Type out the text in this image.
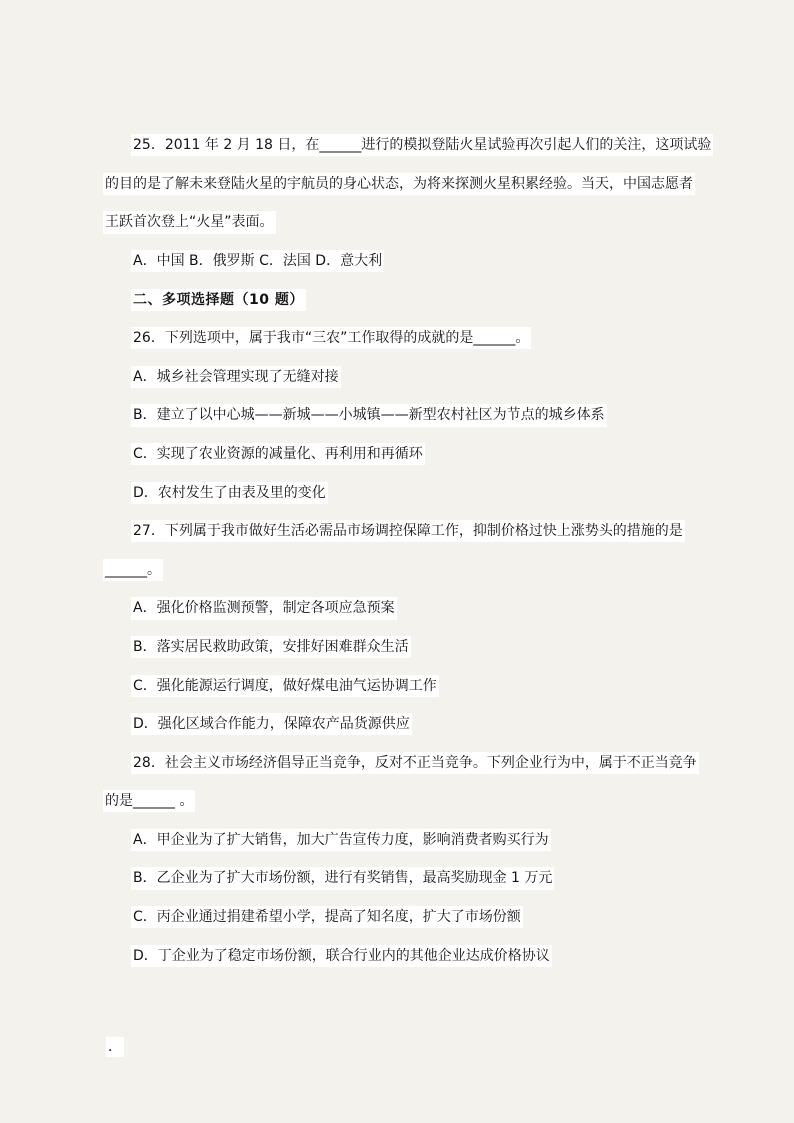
25．2011 年 2 月 18 日，在______进行的模拟登陆火星试验再次引起人们的关注，这项试验
的目的是了解未来登陆火星的宇航员的身心状态，为将来探测火星积累经验。当天，中国志愿者
王跃首次登上“火星”表面。
A．中国 B．俄罗斯 C．法国 D．意大利
二、多项选择题（10 题）
26．下列选项中，属于我市“三农”工作取得的成就的是______。
A．城乡社会管理实现了无缝对接
B．建立了以中心城——新城——小城镇——新型农村社区为节点的城乡体系
C．实现了农业资源的减量化、再利用和再循环
D．农村发生了由表及里的变化
27．下列属于我市做好生活必需品市场调控保障工作，抑制价格过快上涨势头的措施的是
______。
A．强化价格监测预警，制定各项应急预案
B．落实居民救助政策，安排好困难群众生活
C．强化能源运行调度，做好煤电油气运协调工作
D．强化区域合作能力，保障农产品货源供应
28．社会主义市场经济倡导正当竞争，反对不正当竞争。下列企业行为中，属于不正当竞争
的是______ 。
A．甲企业为了扩大销售，加大广告宣传力度，影响消费者购买行为
B．乙企业为了扩大市场份额，进行有奖销售，最高奖励现金 1 万元
C．丙企业通过捐建希望小学，提高了知名度，扩大了市场份额
D．丁企业为了稳定市场份额，联合行业内的其他企业达成价格协议
．
